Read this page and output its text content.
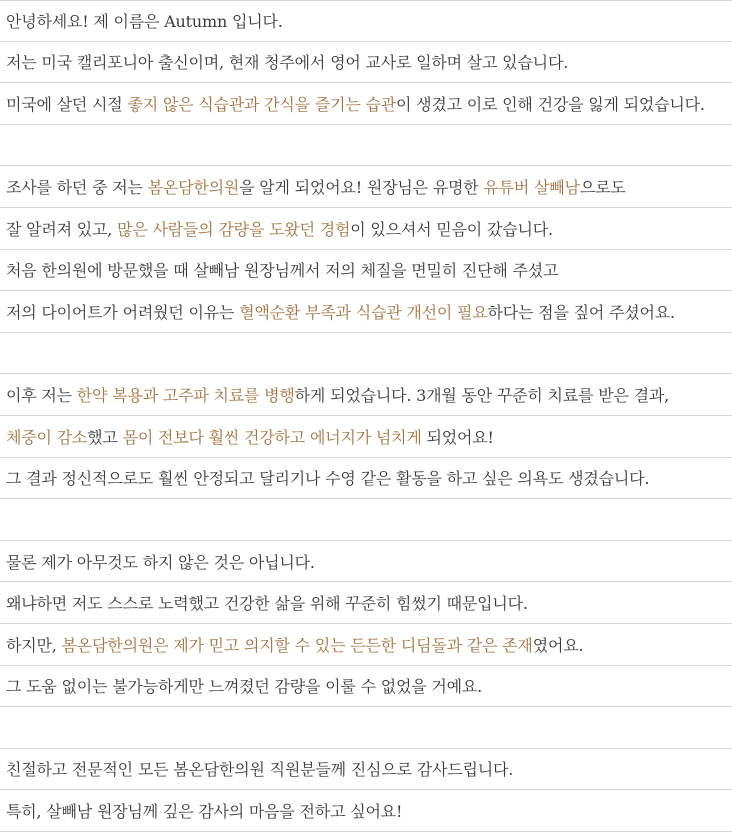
안녕하세요! 제 이름은 Autumn 입니다.
저는 미국 캘리포니아 출신이며, 현재 청주에서 영어 교사로 일하며 살고 있습니다.
미국에 살던 시절 좋지 않은 식습관과 간식을 즐기는 습관 이 생겼고 이로 인해 건강을 잃게 되었습니다.
조사를 하던 중 저는 봄온담한의원 을 알게 되었어요! 원장님은 유명한 유튜버 살빼남 으로도
잘 알려져 있고, 많은 사람들의 감량을 도왔던 경험 이 있으셔서 믿음이 갔습니다.
처음 한의원에 방문했을 때 살빼남 원장님께서 저의 체질을 면밀히 진단해 주셨고
저의 다이어트가 어려웠던 이유는 혈액순환 부족과 식습관 개선이 필요 하다는 점을 짚어 주셨어요.
이후 저는 한약 복용과 고주파 치료를 병행 하게 되었습니다. 3개월 동안 꾸준히 치료를 받은 결과,
체중이 감소 했고 몸이 전보다 훨씬 건강하고 에너지가 넘치게 되었어요!
그 결과 정신적으로도 훨씬 안정되고 달리기나 수영 같은 활동을 하고 싶은 의욕도 생겼습니다.
물론 제가 아무것도 하지 않은 것은 아닙니다.
왜냐하면 저도 스스로 노력했고 건강한 삶을 위해 꾸준히 힘썼기 때문입니다.
하지만, 봄온담한의원은 제가 믿고 의지할 수 있는 든든한 디딤돌과 같은 존재 였어요.
그 도움 없이는 불가능하게만 느껴졌던 감량을 이룰 수 없었을 거예요.
친절하고 전문적인 모든 봄온담한의원 직원분들께 진심으로 감사드립니다.
특히, 살빼남 원장님께 깊은 감사의 마음을 전하고 싶어요!
